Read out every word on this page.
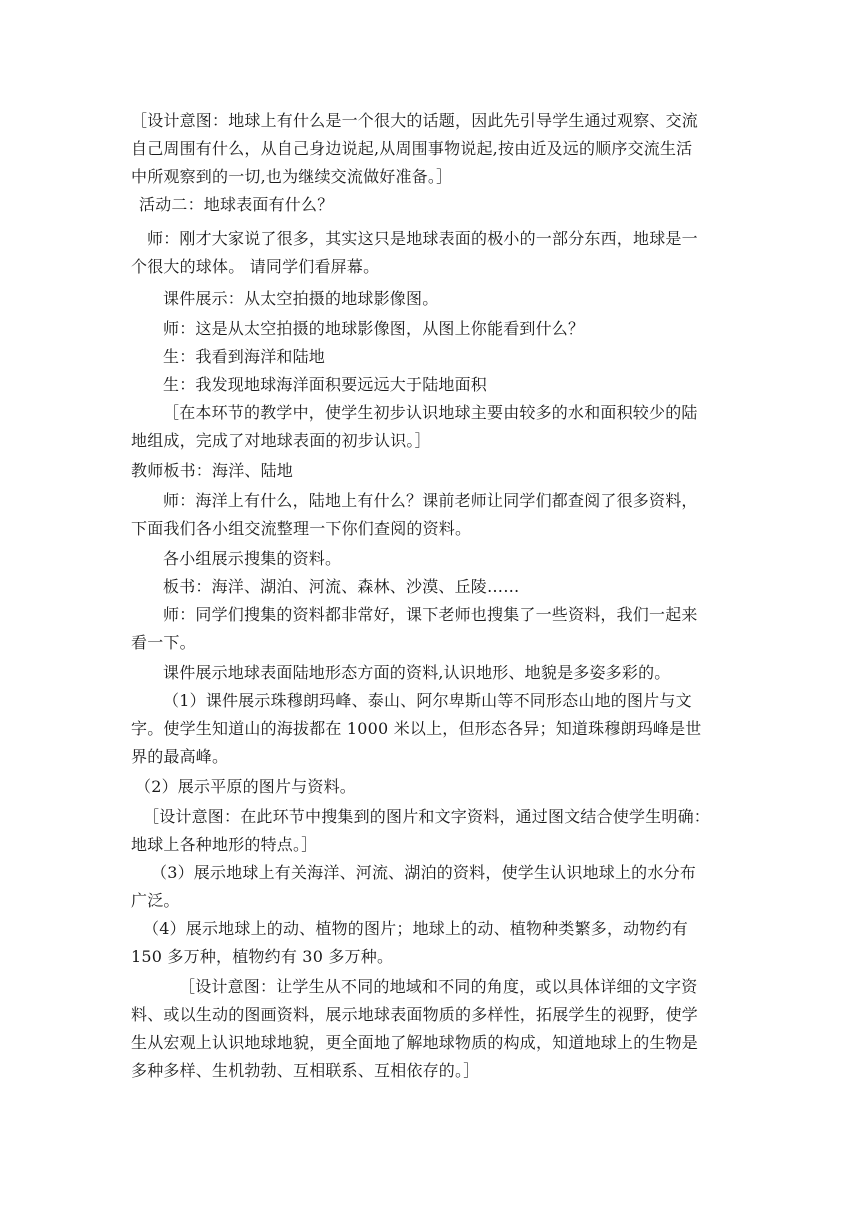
［设计意图：地球上有什么是一个很大的话题，因此先引导学生通过观察、交流
自己周围有什么，从自己身边说起,从周围事物说起,按由近及远的顺序交流生活
中所观察到的一切,也为继续交流做好准备。］
活动二：地球表面有什么？
师：刚才大家说了很多，其实这只是地球表面的极小的一部分东西，地球是一
个很大的球体。 请同学们看屏幕。
课件展示：从太空拍摄的地球影像图。
师：这是从太空拍摄的地球影像图，从图上你能看到什么？
生：我看到海洋和陆地
生：我发现地球海洋面积要远远大于陆地面积
［在本环节的教学中，使学生初步认识地球主要由较多的水和面积较少的陆
地组成，完成了对地球表面的初步认识。］
教师板书：海洋、陆地
师：海洋上有什么，陆地上有什么？课前老师让同学们都查阅了很多资料，
下面我们各小组交流整理一下你们查阅的资料。
各小组展示搜集的资料。
板书：海洋、湖泊、河流、森林、沙漠、丘陵……
师：同学们搜集的资料都非常好，课下老师也搜集了一些资料，我们一起来
看一下。
课件展示地球表面陆地形态方面的资料,认识地形、地貌是多姿多彩的。
（1）课件展示珠穆朗玛峰、泰山、阿尔卑斯山等不同形态山地的图片与文
字。使学生知道山的海拔都在 1000 米以上，但形态各异；知道珠穆朗玛峰是世
界的最高峰。
（2）展示平原的图片与资料。
［设计意图：在此环节中搜集到的图片和文字资料，通过图文结合使学生明确：
地球上各种地形的特点。］
（3）展示地球上有关海洋、河流、湖泊的资料，使学生认识地球上的水分布
广泛。
（4）展示地球上的动、植物的图片；地球上的动、植物种类繁多，动物约有
150 多万种，植物约有 30 多万种。
［设计意图：让学生从不同的地域和不同的角度，或以具体详细的文字资
料、或以生动的图画资料，展示地球表面物质的多样性，拓展学生的视野，使学
生从宏观上认识地球地貌，更全面地了解地球物质的构成，知道地球上的生物是
多种多样、生机勃勃、互相联系、互相依存的。］
